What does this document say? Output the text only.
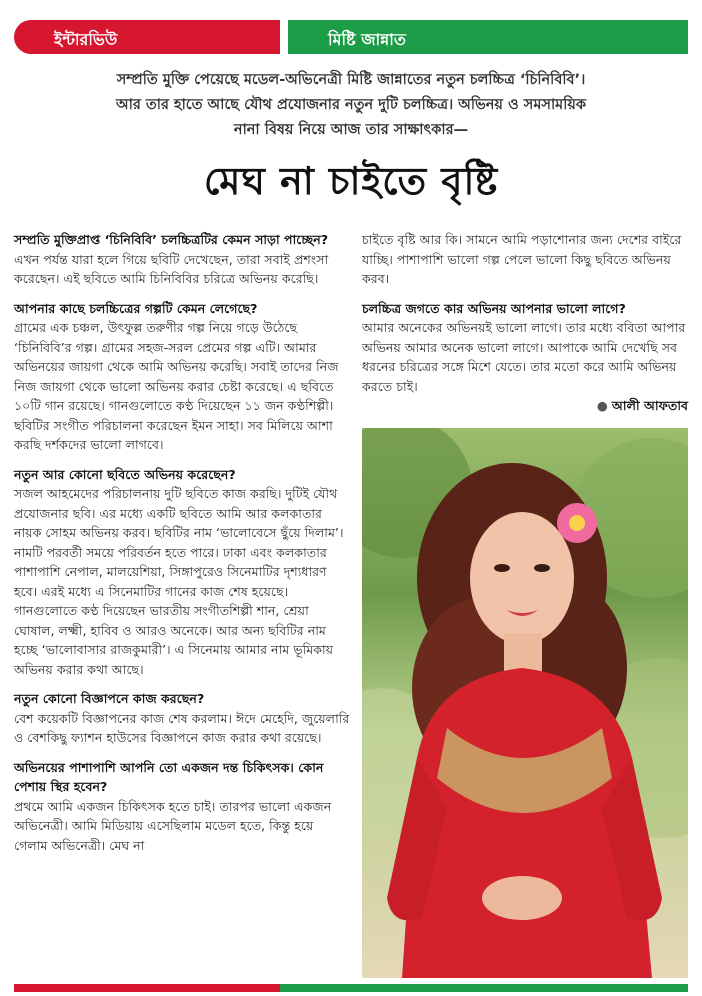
ইন্টারভিউ	মিষ্টি জান্নাত
সম্প্রতি মুক্তি পেয়েছে মডেল-অভিনেত্রী মিষ্টি জান্নাতের নতুন চলচ্চিত্র ‘চিনিবিবি’।
আর তার হাতে আছে যৌথ প্রযোজনার নতুন দুটি চলচ্চিত্র। অভিনয় ও সমসাময়িক
নানা বিষয় নিয়ে আজ তার সাক্ষাৎকার—
মেঘ না চাইতে বৃষ্টি

সম্প্রতি মুক্তিপ্রাপ্ত ‘চিনিবিবি’ চলচ্চিত্রটির কেমন সাড়া পাচ্ছেন?

এখন পর্যন্ত যারা হলে গিয়ে ছবিটি দেখেছেন, তারা সবাই প্রশংসা করেছেন। এই ছবিতে আমি চিনিবিবির চরিত্রে অভিনয় করেছি।

আপনার কাছে চলচ্চিত্রের গল্পটি কেমন লেগেছে?

গ্রামের এক চঞ্চল, উৎফুল্ল তরুণীর গল্প নিয়ে গড়ে উঠেছে ‘চিনিবিবি’র গল্প। গ্রামের সহজ-সরল প্রেমের গল্প এটি। আমার অভিনয়ের জায়গা থেকে আমি অভিনয় করেছি। সবাই তাদের নিজ নিজ জায়গা থেকে ভালো অভিনয় করার চেষ্টা করেছে। এ ছবিতে ১০টি গান রয়েছে। গানগুলোতে কণ্ঠ দিয়েছেন ১১ জন কণ্ঠশিল্পী। ছবিটির সংগীত পরিচালনা করেছেন ইমন সাহা। সব মিলিয়ে আশা করছি দর্শকদের ভালো লাগবে।

নতুন আর কোনো ছবিতে অভিনয় করেছেন?

সজল আহমেদের পরিচালনায় দুটি ছবিতে কাজ করছি। দুটিই যৌথ প্রযোজনার ছবি। এর মধ্যে একটি ছবিতে আমি আর কলকাতার নায়ক সোহম অভিনয় করব। ছবিটির নাম ‘ভালোবেসে ছুঁয়ে দিলাম’। নামটি পরবর্তী সময়ে পরিবর্তন হতে পারে। ঢাকা এবং কলকাতার পাশাপাশি নেপাল, মালয়েশিয়া, সিঙ্গাপুরেও সিনেমাটির দৃশ্যধারণ হবে। এরই মধ্যে এ সিনেমাটির গানের কাজ শেষ হয়েছে। গানগুলোতে কণ্ঠ দিয়েছেন ভারতীয় সংগীতশিল্পী শান, শ্রেয়া ঘোষাল, লক্ষ্মী, হাবিব ও আরও অনেকে। আর অন্য ছবিটির নাম হচ্ছে ‘ভালোবাসার রাজকুমারী’। এ সিনেমায় আমার নাম ভূমিকায় অভিনয় করার কথা আছে।

নতুন কোনো বিজ্ঞাপনে কাজ করছেন?

বেশ কয়েকটি বিজ্ঞাপনের কাজ শেষ করলাম। ঈদে মেহেদি, জুয়েলারি ও বেশকিছু ফ্যাশন হাউসের বিজ্ঞাপনে কাজ করার কথা রয়েছে।

অভিনয়ের পাশাপাশি আপনি তো একজন দন্ত চিকিৎসক। কোন পেশায় স্থির হবেন?

প্রথমে আমি একজন চিকিৎসক হতে চাই। তারপর ভালো একজন অভিনেত্রী। আমি মিডিয়ায় এসেছিলাম মডেল হতে, কিন্তু হয়ে গেলাম অভিনেত্রী। মেঘ না

চাইতে বৃষ্টি আর কি। সামনে আমি পড়াশোনার জন্য দেশের বাইরে যাচ্ছি। পাশাপাশি ভালো গল্প পেলে ভালো কিছু ছবিতে অভিনয় করব।

চলচ্চিত্র জগতে কার অভিনয় আপনার ভালো লাগে?

আমার অনেকের অভিনয়ই ভালো লাগে। তার মধ্যে ববিতা আপার অভিনয় আমার অনেক ভালো লাগে। আপাকে আমি দেখেছি সব ধরনের চরিত্রের সঙ্গে মিশে যেতে। তার মতো করে আমি অভিনয় করতে চাই।

● আলী আফতাব
